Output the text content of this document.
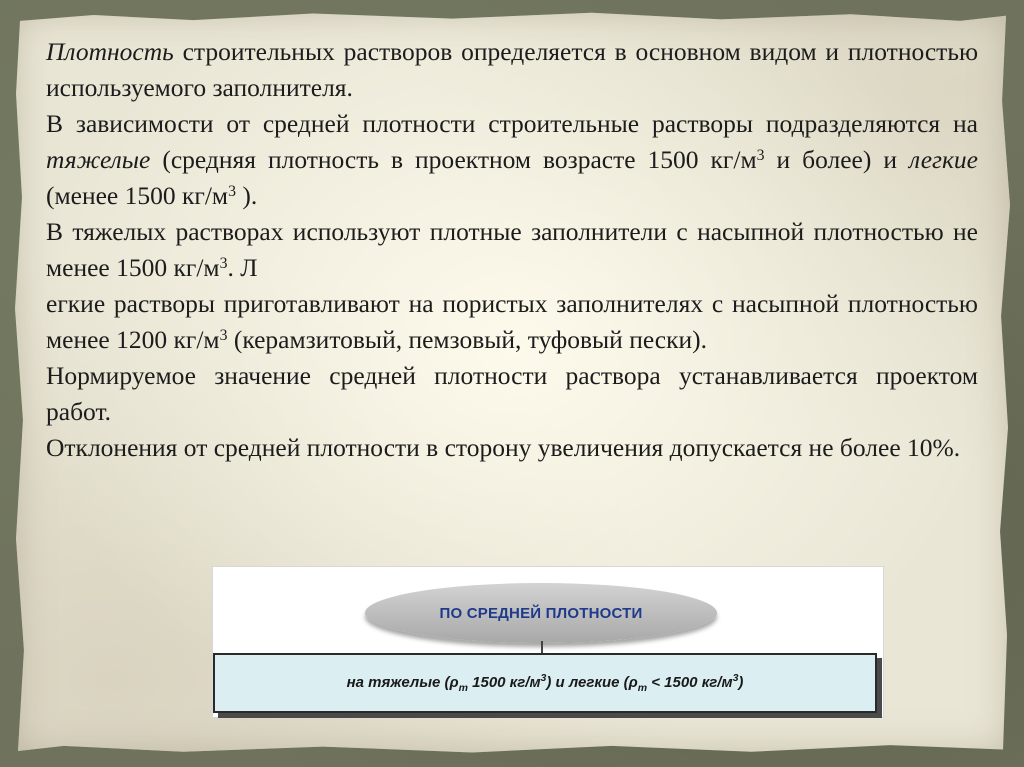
Плотность строительных растворов определяется в основном видом и плотностью используемого заполнителя.

В зависимости от средней плотности строительные растворы подразделяются на тяжелые (средняя плотность в проектном возрасте 1500 $кг/м^3$ и более) и легкие (менее 1500 $кг/м^3$ ).

В тяжелых растворах используют плотные заполнители с насыпной плотностью не менее 1500 $кг/м^3$. Л

егкие растворы приготавливают на пористых заполнителях с насыпной плотностью менее 1200 $кг/м^3$ (керамзитовый, пемзовый, туфовый пески).

Нормируемое значение средней плотности раствора устанавливается проектом работ.

Отклонения от средней плотности в сторону увеличения допускается не более 10%.

ПО СРЕДНЕЙ ПЛОТНОСТИ
на тяжелые ($\rho_m$ 1500 $кг/м^3$) и легкие ($\rho_m < 1500$ $кг/м^3$)
